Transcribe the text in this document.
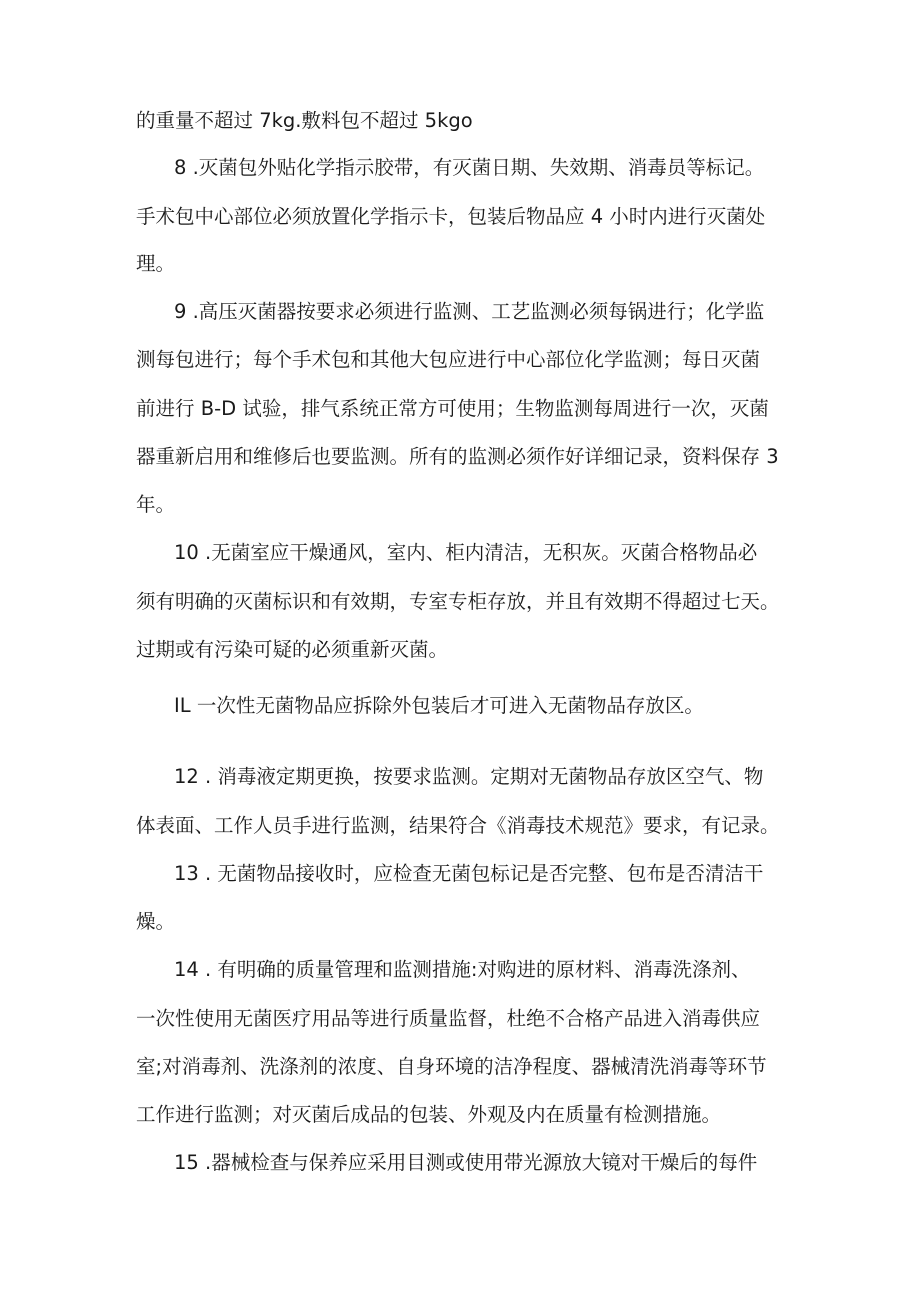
的重量不超过 7kg.敷料包不超过 5kgo

8 .灭菌包外贴化学指示胶带，有灭菌日期、失效期、消毒员等标记。

手术包中心部位必须放置化学指示卡，包装后物品应 4 小时内进行灭菌处

理。

9 .高压灭菌器按要求必须进行监测、工艺监测必须每锅进行；化学监

测每包进行；每个手术包和其他大包应进行中心部位化学监测；每日灭菌

前进行 B-D 试验，排气系统正常方可使用；生物监测每周进行一次，灭菌

器重新启用和维修后也要监测。所有的监测必须作好详细记录，资料保存 3

年。

10 .无菌室应干燥通风，室内、柜内清洁，无积灰。灭菌合格物品必

须有明确的灭菌标识和有效期，专室专柜存放，并且有效期不得超过七天。

过期或有污染可疑的必须重新灭菌。

IL 一次性无菌物品应拆除外包装后才可进入无菌物品存放区。

12 . 消毒液定期更换，按要求监测。定期对无菌物品存放区空气、物

体表面、工作人员手进行监测，结果符合《消毒技术规范》要求，有记录。

13 . 无菌物品接收时，应检查无菌包标记是否完整、包布是否清洁干

燥。

14 . 有明确的质量管理和监测措施:对购进的原材料、消毒洗涤剂、

一次性使用无菌医疗用品等进行质量监督，杜绝不合格产品进入消毒供应

室;对消毒剂、洗涤剂的浓度、自身环境的洁净程度、器械清洗消毒等环节

工作进行监测；对灭菌后成品的包装、外观及内在质量有检测措施。

15 .器械检查与保养应采用目测或使用带光源放大镜对干燥后的每件
